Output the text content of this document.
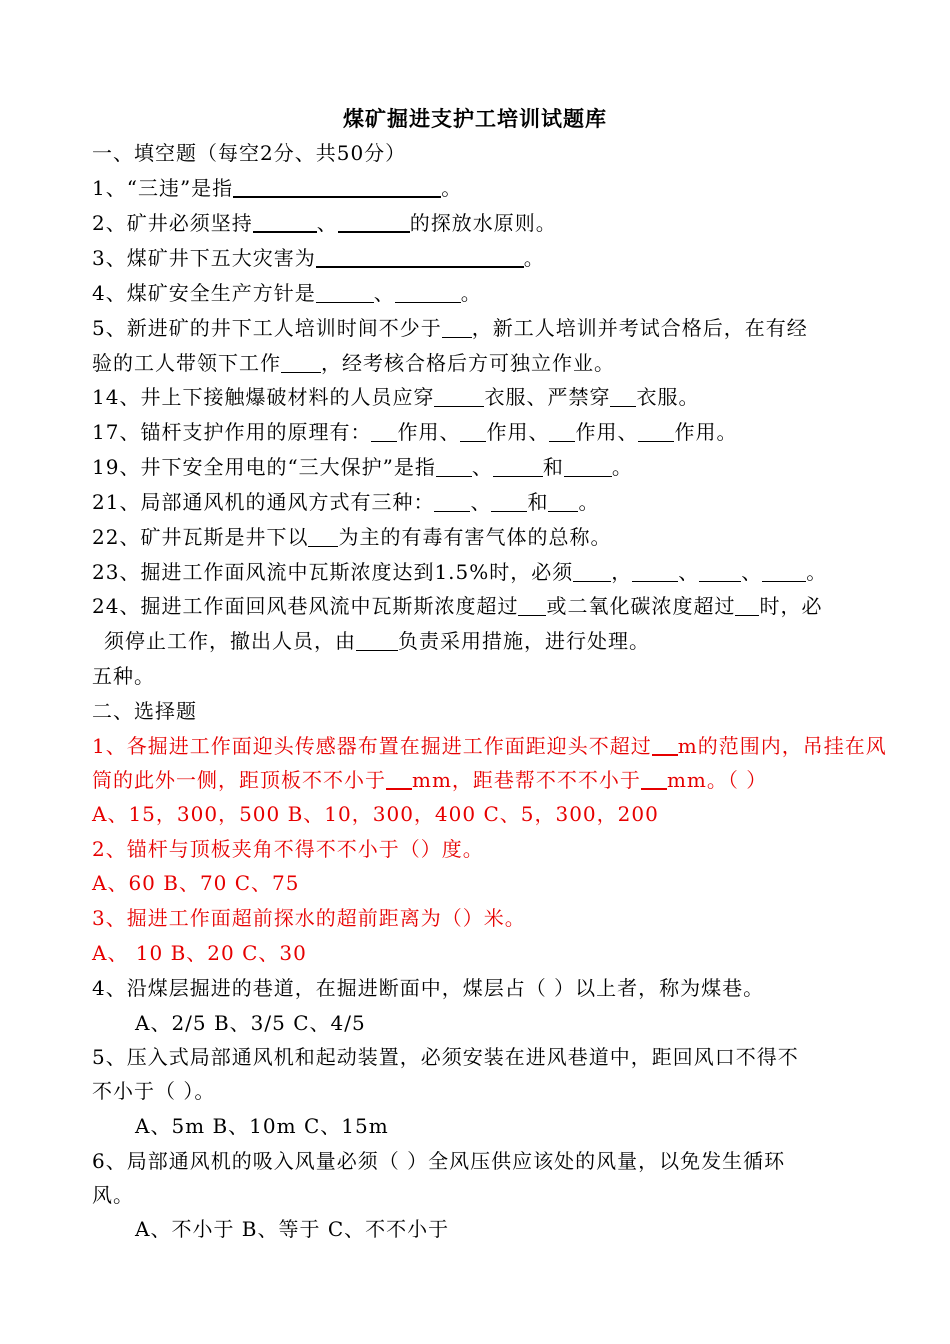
煤矿掘进支护工培训试题库
一、填空题（每空2分、共50分）
1、“三违”是指	。
2、矿井必须坚持	、	的探放水原则。
3、煤矿井下五大灾害为	。
4、煤矿安全生产方针是	、	。
5、新进矿的井下工人培训时间不少于 ，新工人培训并考试合格后，在有经
验的工人带领下工作 ，经考核合格后方可独立作业。
14、井上下接触爆破材料的人员应穿	衣服、严禁穿 衣服。
17、锚杆支护作用的原理有： 作用、 作用、 作用、 作用。
19、井下安全用电的“三大保护”是指 、	和 。
21、局部通风机的通风方式有三种： 、 和 。
22、矿井瓦斯是井下以 为主的有毒有害气体的总称。
23、掘进工作面风流中瓦斯浓度达到1.5%时，必须 ， 、 、 。
24、掘进工作面回风巷风流中瓦斯斯浓度超过 或二氧化碳浓度超过 时，必
须停止工作，撤出人员，由 负责采用措施，进行处理。
五种。
二、选择题
1、各掘进工作面迎头传感器布置在掘进工作面距迎头不超过 m的范围内，吊挂在风
筒的此外一侧，距顶板不不小于 mm，距巷帮不不不小于 mm。（ ）
A、15，300，500 B、10，300，400 C、5，300，200
2、锚杆与顶板夹角不得不不小于（）度。
A、60 B、70 C、75
3、掘进工作面超前探水的超前距离为（）米。
A、 10 B、20 C、30
4、沿煤层掘进的巷道，在掘进断面中，煤层占（ ）以上者，称为煤巷。
A、2/5 B、3/5 C、4/5
5、压入式局部通风机和起动装置，必须安装在进风巷道中，距回风口不得不
不小于（ ）。
A、5m B、10m C、15m
6、局部通风机的吸入风量必须（ ）全风压供应该处的风量，以免发生循环
风。
A、不小于 B、等于 C、不不小于
